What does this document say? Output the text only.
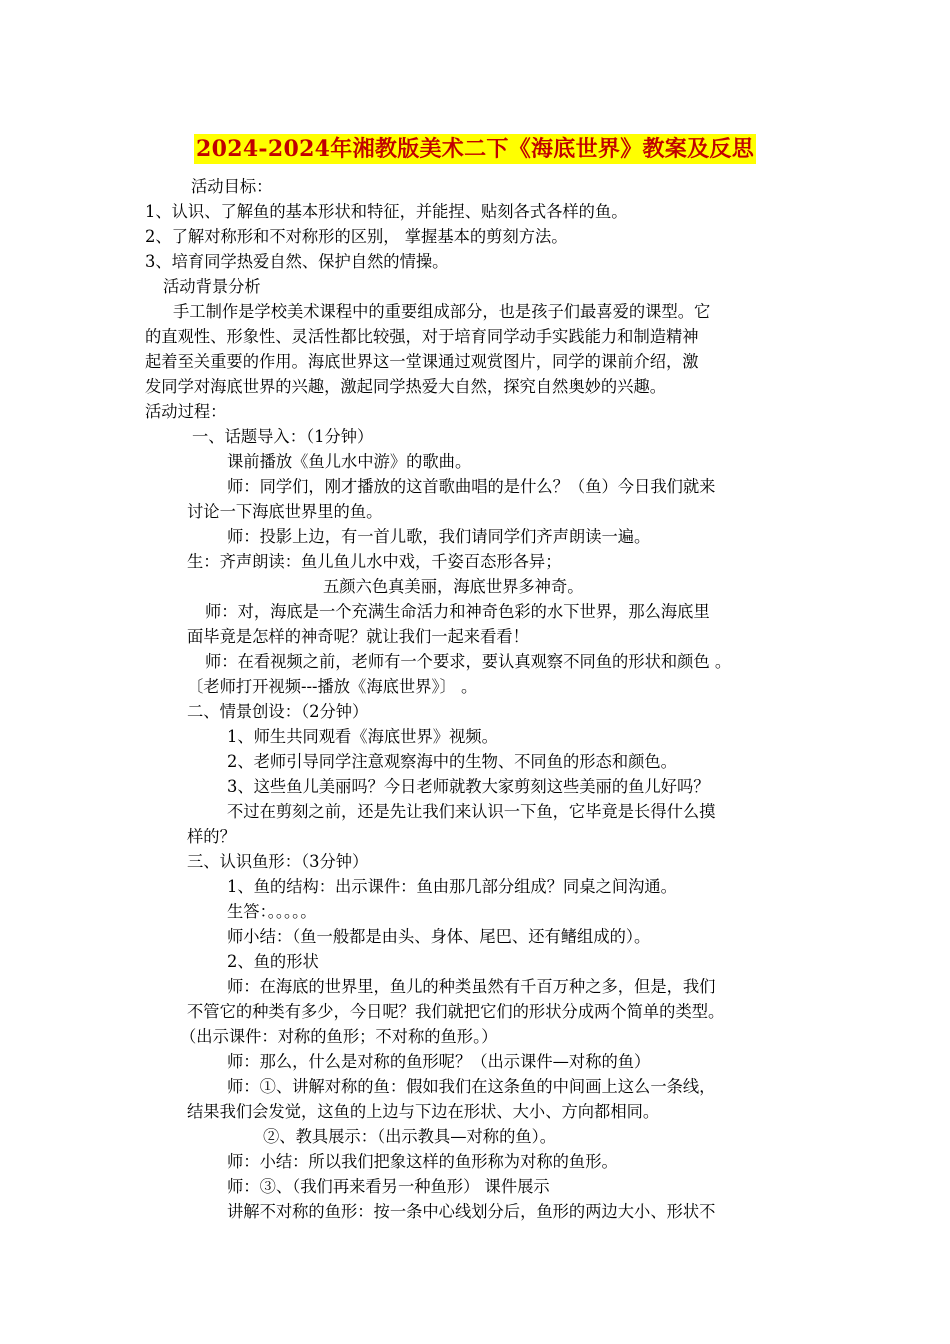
2024-2024年湘教版美术二下《海底世界》教案及反思
活动目标：
1、认识、了解鱼的基本形状和特征，并能捏、贴刻各式各样的鱼。
2、了解对称形和不对称形的区别， 掌握基本的剪刻方法。
3、培育同学热爱自然、保护自然的情操。
活动背景分析
手工制作是学校美术课程中的重要组成部分，也是孩子们最喜爱的课型。它
的直观性、形象性、灵活性都比较强，对于培育同学动手实践能力和制造精神
起着至关重要的作用。海底世界这一堂课通过观赏图片，同学的课前介绍，激
发同学对海底世界的兴趣，激起同学热爱大自然，探究自然奥妙的兴趣。
活动过程：
一、话题导入：（1分钟）
课前播放《鱼儿水中游》的歌曲。
师：同学们，刚才播放的这首歌曲唱的是什么？（鱼）今日我们就来
讨论一下海底世界里的鱼。
师：投影上边，有一首儿歌，我们请同学们齐声朗读一遍。
生：齐声朗读：鱼儿鱼儿水中戏，千姿百态形各异；
五颜六色真美丽，海底世界多神奇。
师：对，海底是一个充满生命活力和神奇色彩的水下世界，那么海底里
面毕竟是怎样的神奇呢？就让我们一起来看看！
师：在看视频之前，老师有一个要求，要认真观察不同鱼的形状和颜色 。
〔老师打开视频---播放《海底世界》〕 。
二、情景创设：（2分钟）
1、师生共同观看《海底世界》视频。
2、老师引导同学注意观察海中的生物、不同鱼的形态和颜色。
3、这些鱼儿美丽吗？今日老师就教大家剪刻这些美丽的鱼儿好吗？
不过在剪刻之前，还是先让我们来认识一下鱼，它毕竟是长得什么摸
样的？
三、认识鱼形：（3分钟）
1、鱼的结构：出示课件：鱼由那几部分组成？同桌之间沟通。
生答：。。。。。
师小结：（鱼一般都是由头、身体、尾巴、还有鳍组成的）。
2、鱼的形状
师：在海底的世界里，鱼儿的种类虽然有千百万种之多，但是，我们
不管它的种类有多少，今日呢？我们就把它们的形状分成两个简单的类型。
（出示课件：对称的鱼形；不对称的鱼形。）
师：那么，什么是对称的鱼形呢？（出示课件—对称的鱼）
师：①、讲解对称的鱼：假如我们在这条鱼的中间画上这么一条线，
结果我们会发觉，这鱼的上边与下边在形状、大小、方向都相同。
②、教具展示：（出示教具—对称的鱼）。
师：小结：所以我们把象这样的鱼形称为对称的鱼形。
师：③、（我们再来看另一种鱼形） 课件展示
讲解不对称的鱼形：按一条中心线划分后，鱼形的两边大小、形状不
